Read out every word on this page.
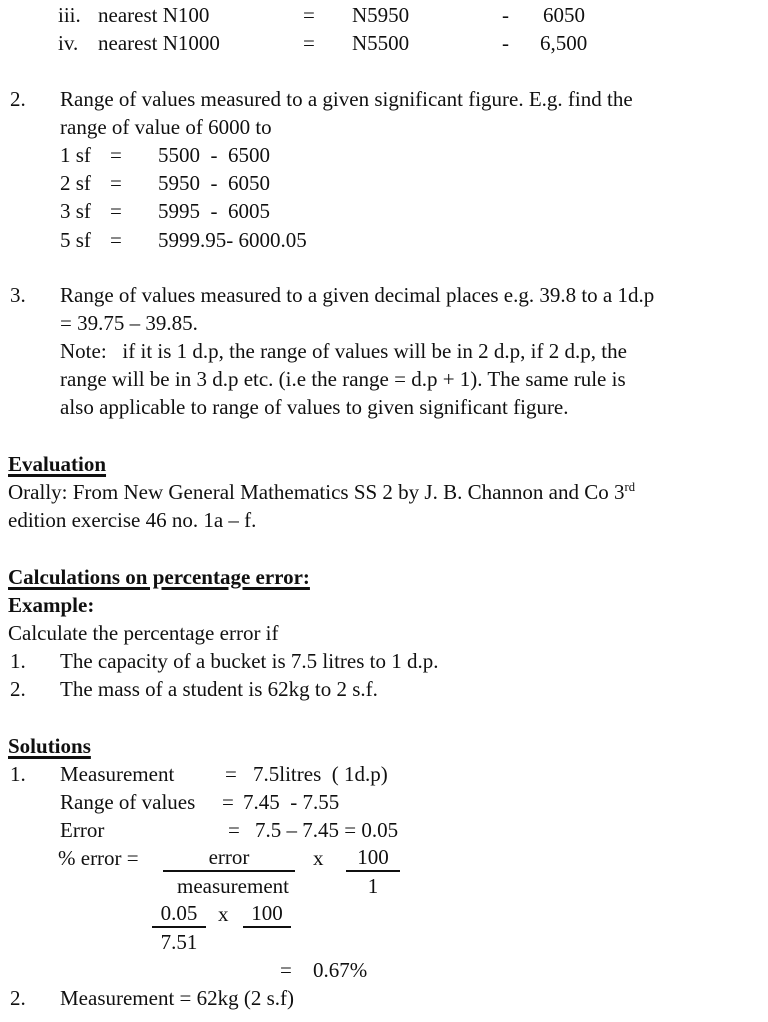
iii. nearest N100	= N5950	- 6050
iv. nearest N1000	= N5500	- 6,500
2. Range of values measured to a given significant figure. E.g. find the
range of value of 6000 to
1 sf = 5500  -  6500
2 sf = 5950  -  6050
3 sf = 5995  -  6005
5 sf = 5999.95- 6000.05
3. Range of values measured to a given decimal places e.g. 39.8 to a 1d.p
= 39.75 – 39.85.
Note:   if it is 1 d.p, the range of values will be in 2 d.p, if 2 d.p, the
range will be in 3 d.p etc. (i.e the range = d.p + 1). The same rule is
also applicable to range of values to given significant figure.
Evaluation
Orally: From New General Mathematics SS 2 by J. B. Channon and Co 3rd
edition exercise 46 no. 1a – f.
Calculations on percentage error:
Example:
Calculate the percentage error if
1. The capacity of a bucket is 7.5 litres to 1 d.p.
2. The mass of a student is 62kg to 2 s.f.
Solutions
1. Measurement = 7.5litres  ( 1d.p)
Range of values = 7.45  - 7.55
Error	= 7.5 – 7.45 = 0.05
% error =	error	x	100
measurement	1
0.05 x	100
7.51
= 0.67%
2. Measurement = 62kg (2 s.f)
